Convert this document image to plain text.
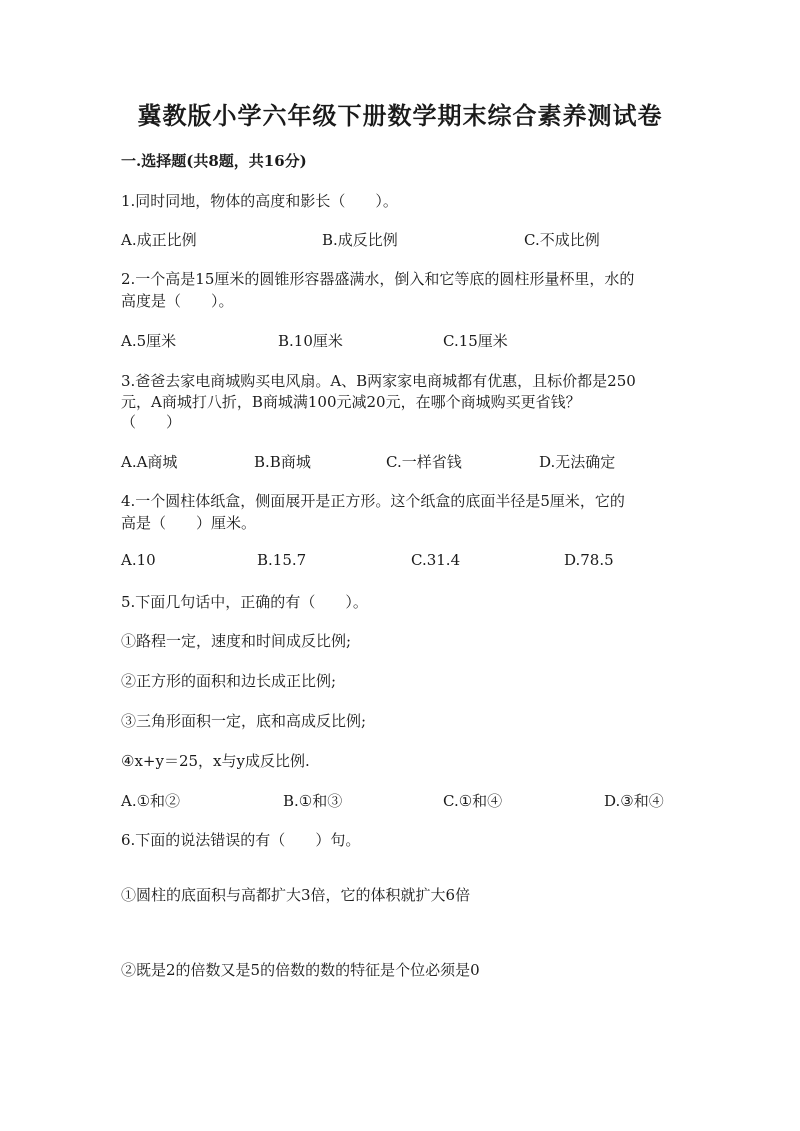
冀教版小学六年级下册数学期末综合素养测试卷
一.选择题(共8题，共16分)
1.同时同地，物体的高度和影长（　　）。
A.成正比例	B.成反比例	C.不成比例
2.一个高是15厘米的圆锥形容器盛满水，倒入和它等底的圆柱形量杯里，水的
高度是（　　）。
A.5厘米	B.10厘米	C.15厘米
3.爸爸去家电商城购买电风扇。A、B两家家电商城都有优惠，且标价都是250
元，A商城打八折，B商城满100元减20元，在哪个商城购买更省钱？
（　　）
A.A商城	B.B商城	C.一样省钱	D.无法确定
4.一个圆柱体纸盒，侧面展开是正方形。这个纸盒的底面半径是5厘米，它的
高是（　　）厘米。
A.10	B.15.7	C.31.4	D.78.5
5.下面几句话中，正确的有（　　）。
①路程一定，速度和时间成反比例;
②正方形的面积和边长成正比例;
③三角形面积一定，底和高成反比例;
④x+y＝25，x与y成反比例.
A.①和②	B.①和③	C.①和④	D.③和④
6.下面的说法错误的有（　　）句。
①圆柱的底面积与高都扩大3倍，它的体积就扩大6倍
②既是2的倍数又是5的倍数的数的特征是个位必须是0
